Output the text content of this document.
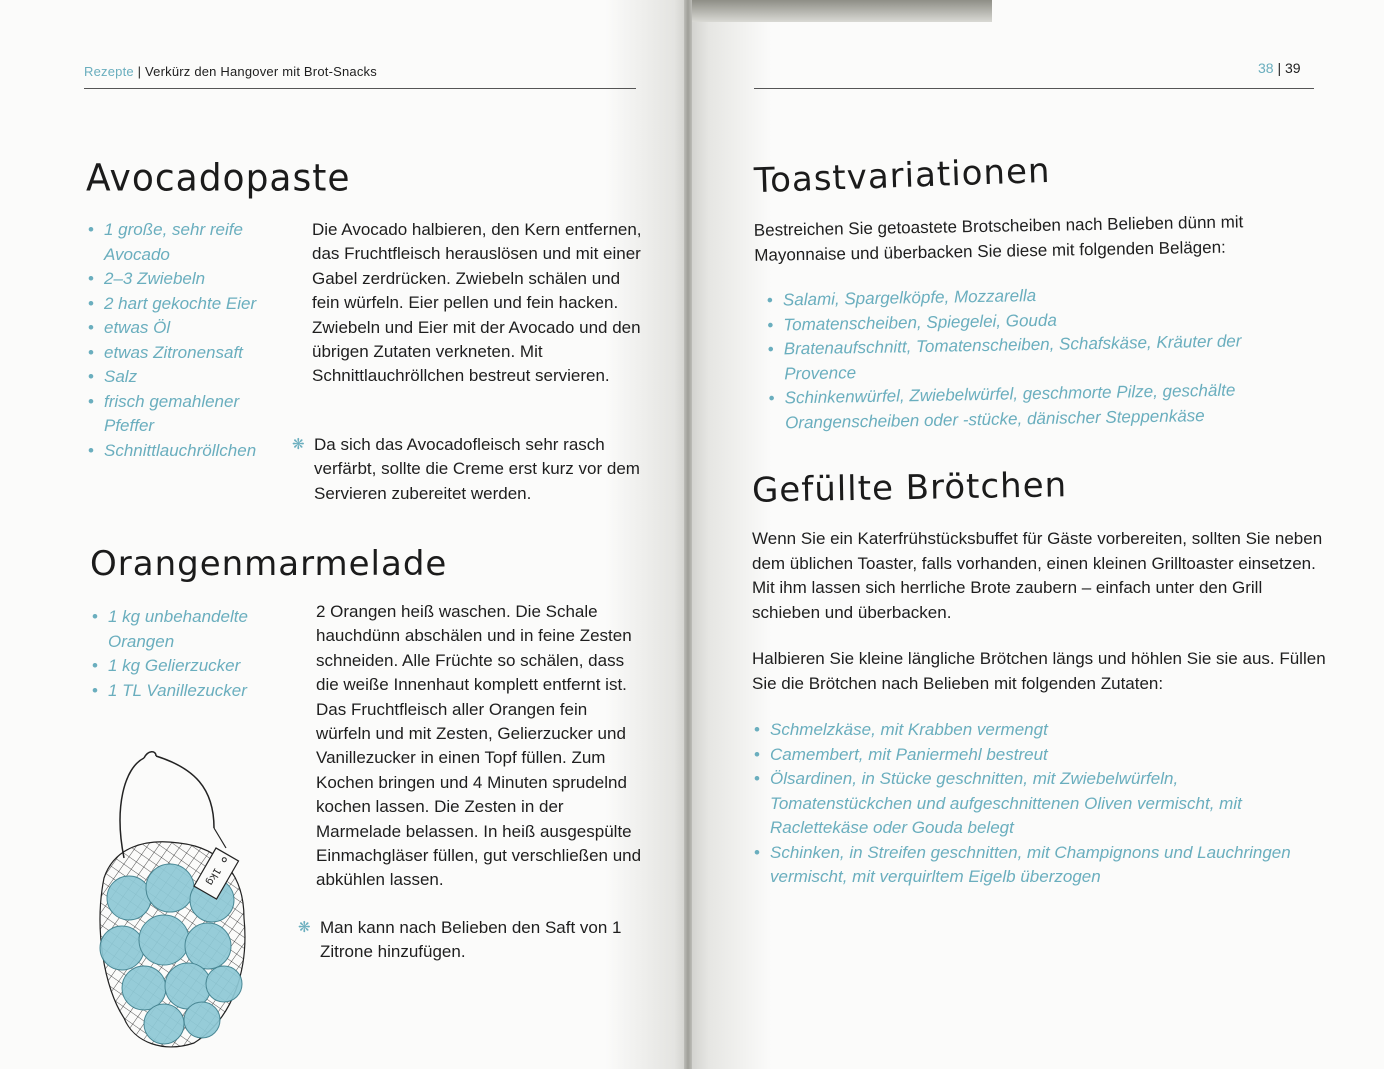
Rezepte | Verkürz den Hangover mit Brot-Snacks
Avocadopaste
• 1 große, sehr reife Avocado
• 2–3 Zwiebeln
• 2 hart gekochte Eier
• etwas Öl
• etwas Zitronensaft
• Salz
• frisch gemahlener Pfeffer
• Schnittlauchröllchen
Die Avocado halbieren, den Kern entfernen, das Fruchtfleisch herauslösen und mit einer Gabel zerdrücken. Zwiebeln schälen und fein würfeln. Eier pellen und fein hacken. Zwiebeln und Eier mit der Avocado und den übrigen Zutaten verkneten. Mit Schnittlauchröllchen bestreut servieren.
❋ Da sich das Avocadofleisch sehr rasch verfärbt, sollte die Creme erst kurz vor dem Servieren zubereitet werden.
Orangenmarmelade
• 1 kg unbehandelte Orangen
• 1 kg Gelierzucker
• 1 TL Vanillezucker
2 Orangen heiß waschen. Die Schale hauchdünn abschälen und in feine Zesten schneiden. Alle Früchte so schälen, dass die weiße Innenhaut komplett entfernt ist. Das Fruchtfleisch aller Orangen fein würfeln und mit Zesten, Gelierzucker und Vanillezucker in einen Topf füllen. Zum Kochen bringen und 4 Minuten sprudelnd kochen lassen. Die Zesten in der Marmelade belassen. In heiß ausgespülte Einmachgläser füllen, gut verschließen und abkühlen lassen.
❋ Man kann nach Belieben den Saft von 1 Zitrone hinzufügen.
1kg
38 | 39
Toastvariationen
Bestreichen Sie getoastete Brotscheiben nach Belieben dünn mit Mayonnaise und überbacken Sie diese mit folgenden Belägen:
• Salami, Spargelköpfe, Mozzarella
• Tomatenscheiben, Spiegelei, Gouda
• Bratenaufschnitt, Tomatenscheiben, Schafskäse, Kräuter der Provence
• Schinkenwürfel, Zwiebelwürfel, geschmorte Pilze, geschälte Orangenscheiben oder -stücke, dänischer Steppenkäse
Gefüllte Brötchen
Wenn Sie ein Katerfrühstücksbuffet für Gäste vorbereiten, sollten Sie neben dem üblichen Toaster, falls vorhanden, einen kleinen Grilltoaster einsetzen. Mit ihm lassen sich herrliche Brote zaubern – einfach unter den Grill schieben und überbacken.
Halbieren Sie kleine längliche Brötchen längs und höhlen Sie sie aus. Füllen Sie die Brötchen nach Belieben mit folgenden Zutaten:
• Schmelzkäse, mit Krabben vermengt
• Camembert, mit Paniermehl bestreut
• Ölsardinen, in Stücke geschnitten, mit Zwiebelwürfeln, Tomatenstückchen und aufgeschnittenen Oliven vermischt, mit Raclettekäse oder Gouda belegt
• Schinken, in Streifen geschnitten, mit Champignons und Lauchringen vermischt, mit verquirltem Eigelb überzogen
